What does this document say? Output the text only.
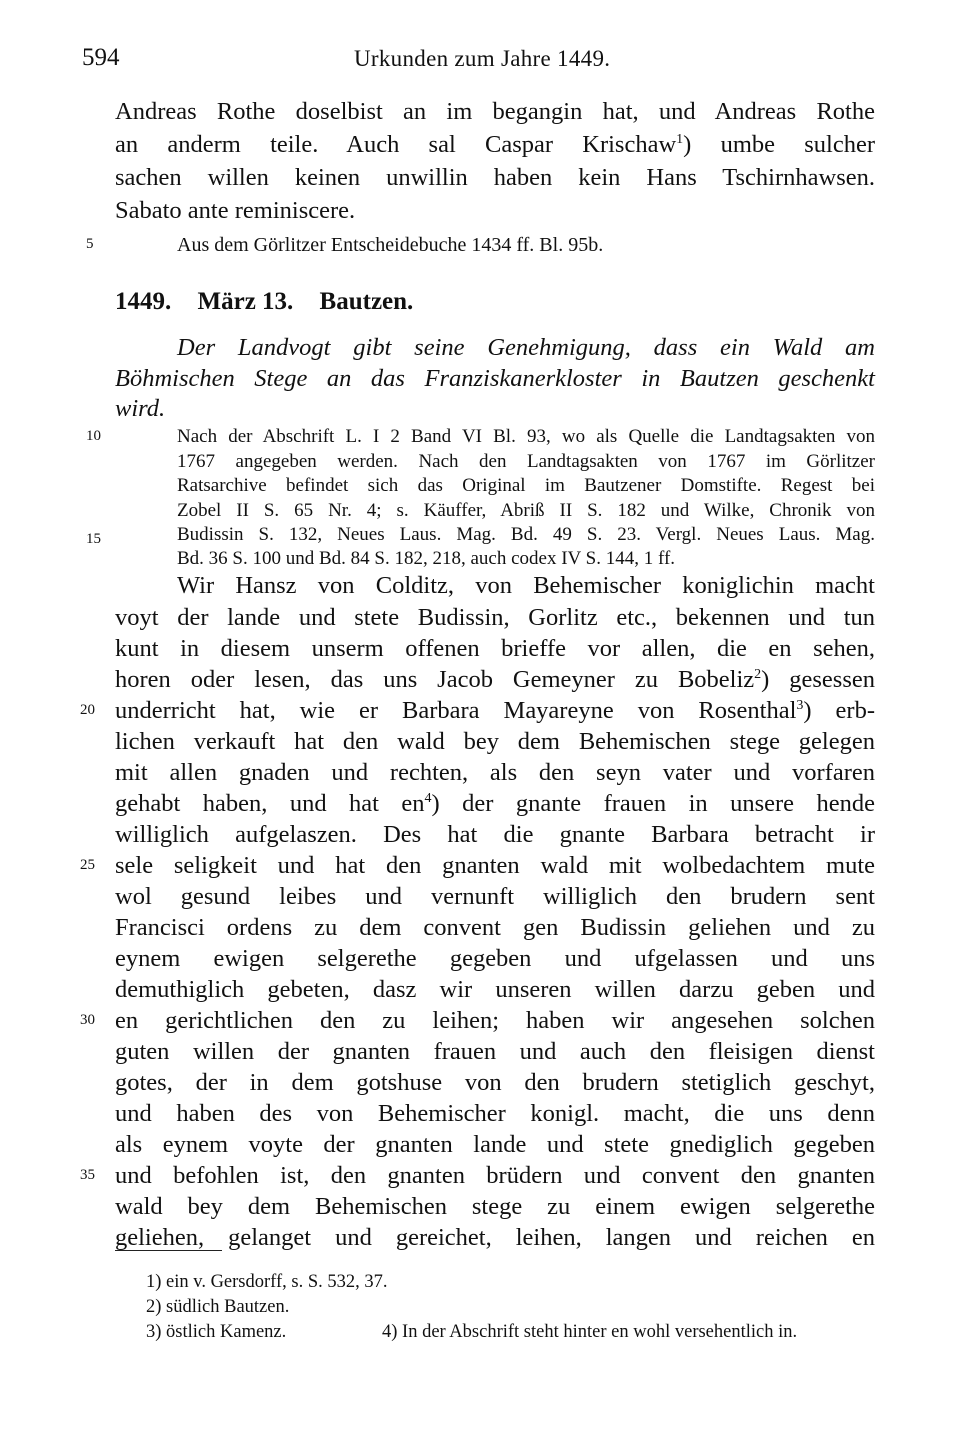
594	Urkunden zum Jahre 1449.
Andreas Rothe doselbist an im begangin hat, und Andreas Rothe
an anderm teile. Auch sal Caspar Krischaw$^1$) umbe sulcher
sachen willen keinen unwillin haben kein Hans Tschirnhawsen.
Sabato ante reminiscere.
Aus dem Görlitzer Entscheidebuche 1434 ff. Bl. 95b.
1449. März 13. Bautzen.
Der Landvogt gibt seine Genehmigung, dass ein Wald am
Böhmischen Stege an das Franziskanerkloster in Bautzen geschenkt
wird.
Nach der Abschrift L. I 2 Band VI Bl. 93, wo als Quelle die Landtagsakten von
1767 angegeben werden. Nach den Landtagsakten von 1767 im Görlitzer
Ratsarchive befindet sich das Original im Bautzener Domstifte. Regest bei
Zobel II S. 65 Nr. 4; s. Käuffer, Abriß II S. 182 und Wilke, Chronik von
Budissin S. 132, Neues Laus. Mag. Bd. 49 S. 23. Vergl. Neues Laus. Mag.
Bd. 36 S. 100 und Bd. 84 S. 182, 218, auch codex IV S. 144, 1 ff.
Wir Hansz von Colditz, von Behemischer koniglichin macht
voyt der lande und stete Budissin, Gorlitz etc., bekennen und tun
kunt in diesem unserm offenen brieffe vor allen, die en sehen,
horen oder lesen, das uns Jacob Gemeyner zu Bobeliz$^2$) gesessen
underricht hat, wie er Barbara Mayareyne von Rosenthal$^3$) erb-
lichen verkauft hat den wald bey dem Behemischen stege gelegen
mit allen gnaden und rechten, als den seyn vater und vorfaren
gehabt haben, und hat $en^4$) der gnante frauen in unsere hende
williglich aufgelaszen. Des hat die gnante Barbara betracht ir
sele seligkeit und hat den gnanten wald mit wolbedachtem mute
wol gesund leibes und vernunft williglich den brudern sent
Francisci ordens zu dem convent gen Budissin geliehen und zu
eynem ewigen selgerethe gegeben und ufgelassen und uns
demuthiglich gebeten, dasz wir unseren willen darzu geben und
en gerichtlichen den zu leihen; haben wir angesehen solchen
guten willen der gnanten frauen und auch den fleisigen dienst
gotes, der in dem gotshuse von den brudern stetiglich geschyt,
und haben des von Behemischer konigl. macht, die uns denn
als eynem voyte der gnanten lande und stete gnediglich gegeben
und befohlen ist, den gnanten brüdern und convent den gnanten
wald bey dem Behemischen stege zu einem ewigen selgerethe
geliehen, gelanget und gereichet, leihen, langen und reichen en
5
10
15
20
25
30
35
1) ein v. Gersdorff, s. S. 532, 37.
2) südlich Bautzen.
3) östlich Kamenz.	4) In der Abschrift steht hinter en wohl versehentlich in.
